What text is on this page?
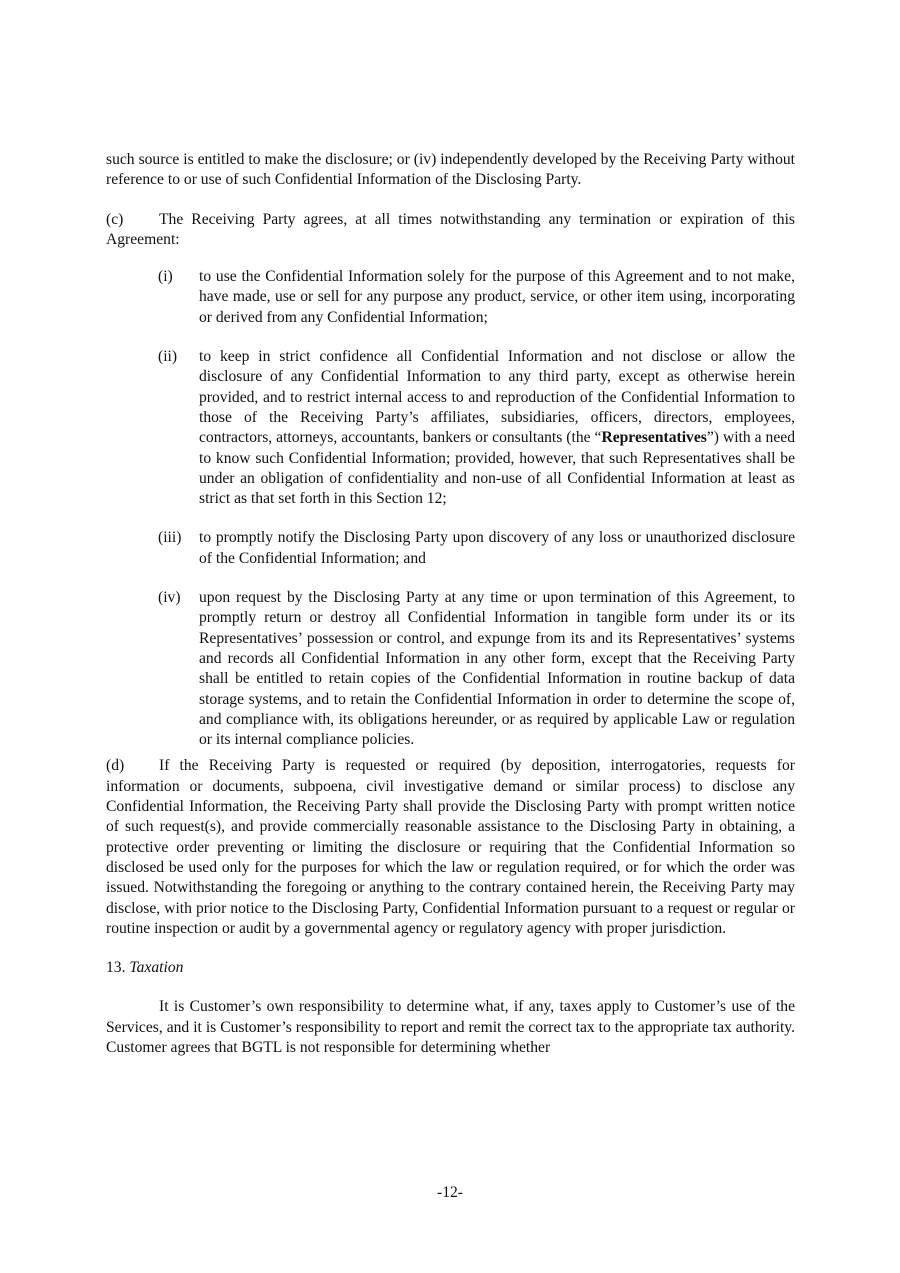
such source is entitled to make the disclosure; or (iv) independently developed by the Receiving Party without reference to or use of such Confidential Information of the Disclosing Party.

(c) The Receiving Party agrees, at all times notwithstanding any termination or expiration of this Agreement:

(i)	to use the Confidential Information solely for the purpose of this Agreement and to not make, have made, use or sell for any purpose any product, service, or other item using, incorporating or derived from any Confidential Information;
(ii)	to keep in strict confidence all Confidential Information and not disclose or allow the disclosure of any Confidential Information to any third party, except as otherwise herein provided, and to restrict internal access to and reproduction of the Confidential Information to those of the Receiving Party’s affiliates, subsidiaries, officers, directors, employees, contractors, attorneys, accountants, bankers or consultants (the “Representatives”) with a need to know such Confidential Information; provided, however, that such Representatives shall be under an obligation of confidentiality and non-use of all Confidential Information at least as strict as that set forth in this Section 12;
(iii)	to promptly notify the Disclosing Party upon discovery of any loss or unauthorized disclosure of the Confidential Information; and
(iv)	upon request by the Disclosing Party at any time or upon termination of this Agreement, to promptly return or destroy all Confidential Information in tangible form under its or its Representatives’ possession or control, and expunge from its and its Representatives’ systems and records all Confidential Information in any other form, except that the Receiving Party shall be entitled to retain copies of the Confidential Information in routine backup of data storage systems, and to retain the Confidential Information in order to determine the scope of, and compliance with, its obligations hereunder, or as required by applicable Law or regulation or its internal compliance policies.

(d) If the Receiving Party is requested or required (by deposition, interrogatories, requests for information or documents, subpoena, civil investigative demand or similar process) to disclose any Confidential Information, the Receiving Party shall provide the Disclosing Party with prompt written notice of such request(s), and provide commercially reasonable assistance to the Disclosing Party in obtaining, a protective order preventing or limiting the disclosure or requiring that the Confidential Information so disclosed be used only for the purposes for which the law or regulation required, or for which the order was issued. Notwithstanding the foregoing or anything to the contrary contained herein, the Receiving Party may disclose, with prior notice to the Disclosing Party, Confidential Information pursuant to a request or regular or routine inspection or audit by a governmental agency or regulatory agency with proper jurisdiction.

13. Taxation

It is Customer’s own responsibility to determine what, if any, taxes apply to Customer’s use of the Services, and it is Customer’s responsibility to report and remit the correct tax to the appropriate tax authority. Customer agrees that BGTL is not responsible for determining whether

-12-
